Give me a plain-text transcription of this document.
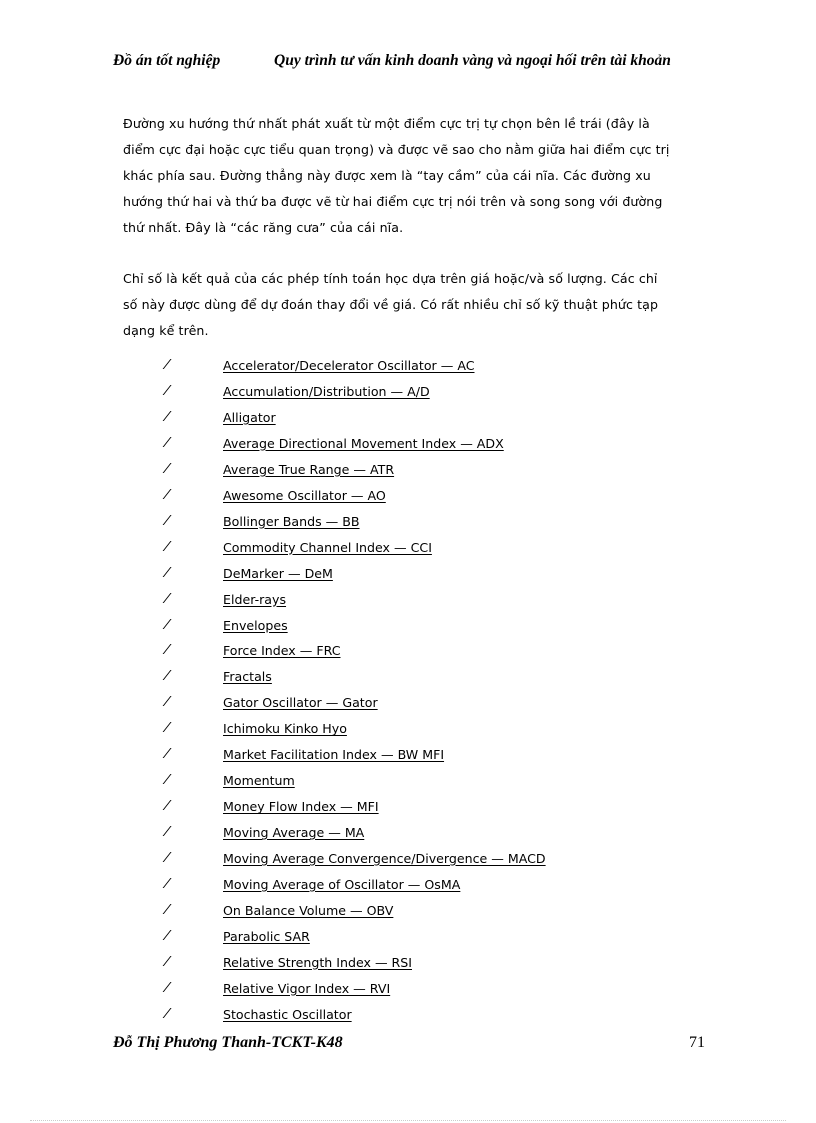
Đồ án tốt nghiệp	Quy trình tư vấn kinh doanh vàng và ngoại hối trên tài khoản
Đường xu hướng thứ nhất phát xuất từ một điểm cực trị tự chọn bên lề trái (đây là
điểm cực đại hoặc cực tiểu quan trọng) và được vẽ sao cho nằm giữa hai điểm cực trị
khác phía sau. Đường thẳng này được xem là “tay cầm” của cái nĩa. Các đường xu
hướng thứ hai và thứ ba được vẽ từ hai điểm cực trị nói trên và song song với đường
thứ nhất. Đây là “các răng cưa” của cái nĩa.
Chỉ số là kết quả của các phép tính toán học dựa trên giá hoặc/và số lượng. Các chỉ
số này được dùng để dự đoán thay đổi về giá. Có rất nhiều chỉ số kỹ thuật phức tạp
dạng kể trên.
⁄	Accelerator/Decelerator Oscillator — AC
⁄	Accumulation/Distribution — A/D
⁄	Alligator
⁄	Average Directional Movement Index — ADX
⁄	Average True Range — ATR
⁄	Awesome Oscillator — AO
⁄	Bollinger Bands — BB
⁄	Commodity Channel Index — CCI
⁄	DeMarker — DeM
⁄	Elder-rays
⁄	Envelopes
⁄	Force Index — FRC
⁄	Fractals
⁄	Gator Oscillator — Gator
⁄	Ichimoku Kinko Hyo
⁄	Market Facilitation Index — BW MFI
⁄	Momentum
⁄	Money Flow Index — MFI
⁄	Moving Average — MA
⁄	Moving Average Convergence/Divergence — MACD
⁄	Moving Average of Oscillator — OsMA
⁄	On Balance Volume — OBV
⁄	Parabolic SAR
⁄	Relative Strength Index — RSI
⁄	Relative Vigor Index — RVI
⁄	Stochastic Oscillator
Đỗ Thị Phương Thanh-TCKT-K48	71
